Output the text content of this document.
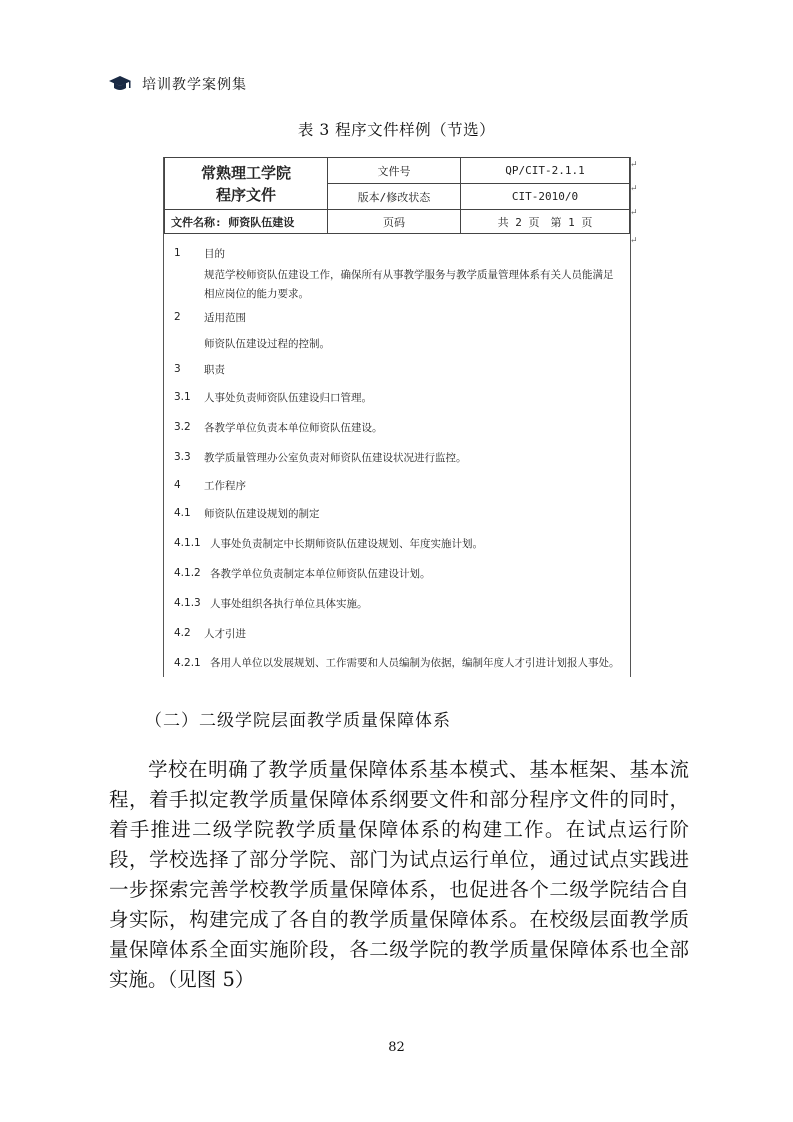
培训教学案例集
表 3 程序文件样例（节选）
↵
↵
↵
↵
常熟理工学院
程序文件	文件号	QP/CIT-2.1.1
	版本/修改状态	CIT-2010/0
文件名称: 师资队伍建设	页码	共 2 页　第 1 页
1	目的
规范学校师资队伍建设工作，确保所有从事教学服务与教学质量管理体系有关人员能满足相应岗位的能力要求。
2	适用范围
师资队伍建设过程的控制。
3	职责
3.1	人事处负责师资队伍建设归口管理。
3.2	各教学单位负责本单位师资队伍建设。
3.3	教学质量管理办公室负责对师资队伍建设状况进行监控。
4	工作程序
4.1	师资队伍建设规划的制定
4.1.1 人事处负责制定中长期师资队伍建设规划、年度实施计划。
4.1.2 各教学单位负责制定本单位师资队伍建设计划。
4.1.3 人事处组织各执行单位具体实施。
4.2	人才引进
4.2.1 各用人单位以发展规划、工作需要和人员编制为依据，编制年度人才引进计划报人事处。
（二）二级学院层面教学质量保障体系
学校在明确了教学质量保障体系基本模式、基本框架、基本流程，着手拟定教学质量保障体系纲要文件和部分程序文件的同时，着手推进二级学院教学质量保障体系的构建工作。在试点运行阶段，学校选择了部分学院、部门为试点运行单位，通过试点实践进一步探索完善学校教学质量保障体系，也促进各个二级学院结合自身实际，构建完成了各自的教学质量保障体系。在校级层面教学质量保障体系全面实施阶段，各二级学院的教学质量保障体系也全部实施。（见图 5）
82
